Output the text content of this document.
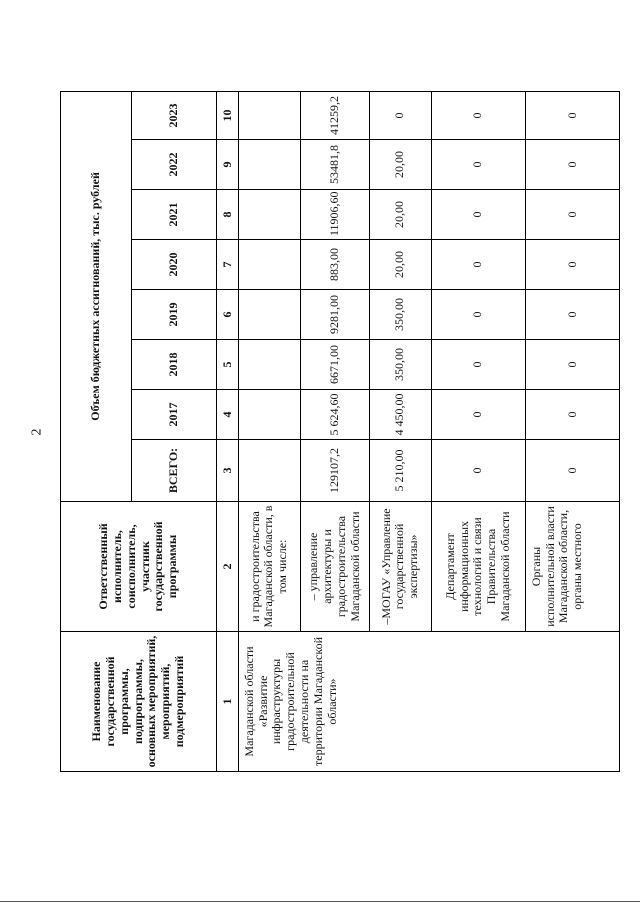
2
Наименование государственной программы, подпрограммы, основных мероприятий, мероприятий, подмероприятий	Ответственный исполнитель, соисполнитель, участник государственной программы	Объем бюджетных ассигнований, тыс. рублей							
		ВСЕГО:	2017	2018	2019	2020	2021	2022	2023
1	2	3	4	5	6	7	8	9	10
Магаданской области «Развитие инфраструктуры градостроительной деятельности на территории Магаданской области»	и градостроительства Магаданской области, в том числе:								
	– управление архитектуры и градостроительства Магаданской области	129107,2	5 624,60	6671,00	9281,00	883,00	11906,60	53481,8	41259,2
	–МОГАУ «Управление государственной экспертизы»	5 210,00	4 450,00	350,00	350,00	20,00	20,00	20,00	0
	Департамент информационных технологий и связи Правительства Магаданской области	0	0	0	0	0	0	0	0
	Органы исполнительной власти Магаданской области, органы местного	0	0	0	0	0	0	0	0
